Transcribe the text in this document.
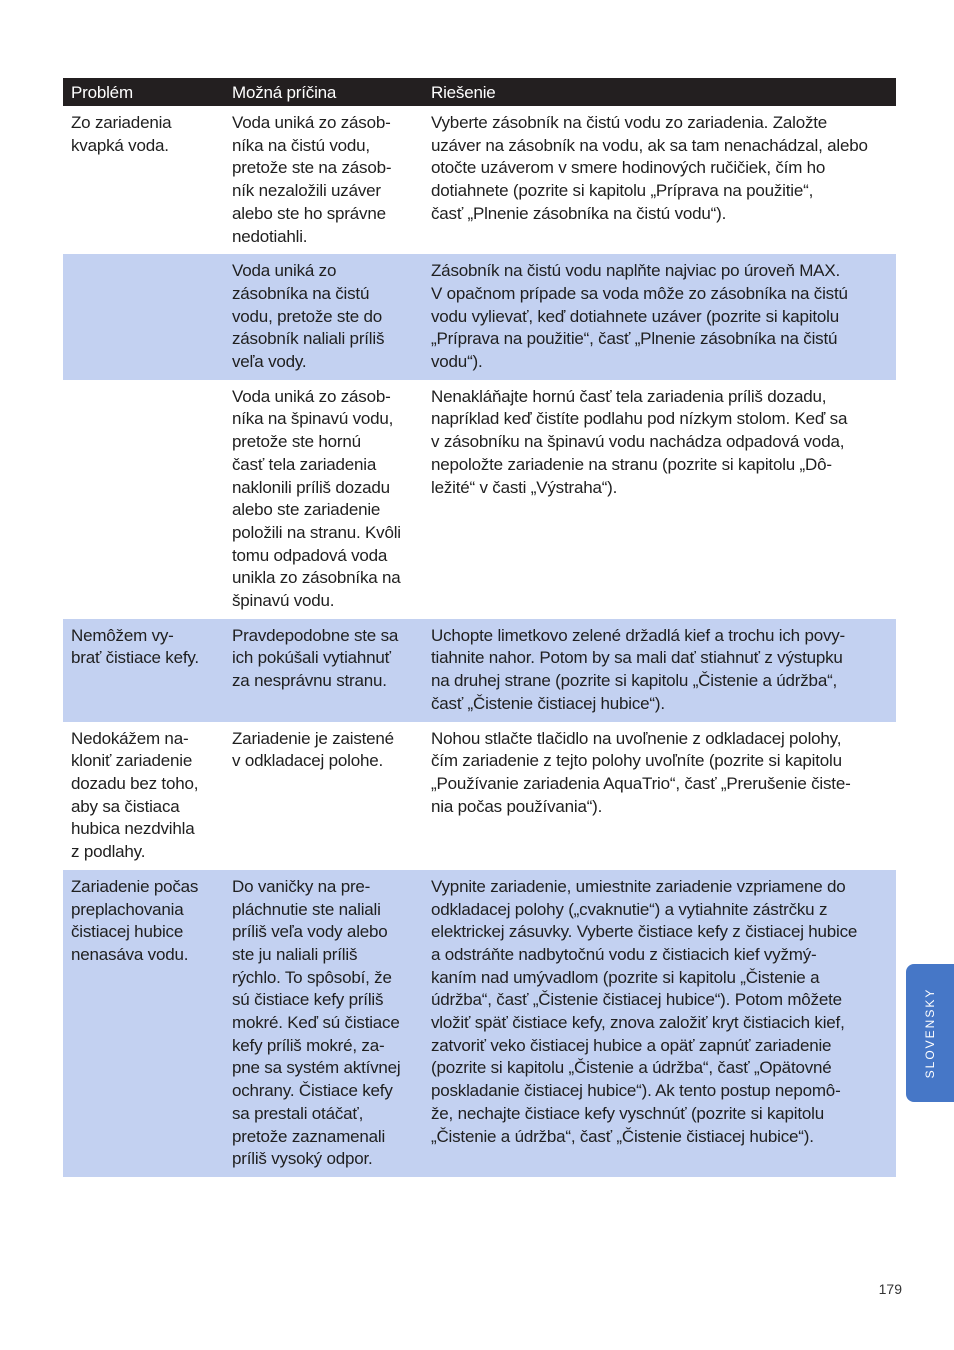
Problém	Možná príčina	Riešenie
Zo zariadenia
kvapká voda.
Voda uniká zo zásob-
níka na čistú vodu,
pretože ste na zásob-
ník nezaložili uzáver
alebo ste ho správne
nedotiahli.
Vyberte zásobník na čistú vodu zo zariadenia. Založte
uzáver na zásobník na vodu, ak sa tam nenachádzal, alebo
otočte uzáverom v smere hodinových ručičiek, čím ho
dotiahnete (pozrite si kapitolu „Príprava na použitie“,
časť „Plnenie zásobníka na čistú vodu“).
Voda uniká zo
zásobníka na čistú
vodu, pretože ste do
zásobník naliali príliš
veľa vody.
Zásobník na čistú vodu naplňte najviac po úroveň MAX.
V opačnom prípade sa voda môže zo zásobníka na čistú
vodu vylievať, keď dotiahnete uzáver (pozrite si kapitolu
„Príprava na použitie“, časť „Plnenie zásobníka na čistú
vodu“).
Voda uniká zo zásob-
níka na špinavú vodu,
pretože ste hornú
časť tela zariadenia
naklonili príliš dozadu
alebo ste zariadenie
položili na stranu. Kvôli
tomu odpadová voda
unikla zo zásobníka na
špinavú vodu.
Nenakláňajte hornú časť tela zariadenia príliš dozadu,
napríklad keď čistíte podlahu pod nízkym stolom. Keď sa
v zásobníku na špinavú vodu nachádza odpadová voda,
nepoložte zariadenie na stranu (pozrite si kapitolu „Dô-
ležité“ v časti „Výstraha“).
Nemôžem vy-
brať čistiace kefy.
Pravdepodobne ste sa
ich pokúšali vytiahnuť
za nesprávnu stranu.
Uchopte limetkovo zelené držadlá kief a trochu ich povy-
tiahnite nahor. Potom by sa mali dať stiahnuť z výstupku
na druhej strane (pozrite si kapitolu „Čistenie a údržba“,
časť „Čistenie čistiacej hubice“).
Nedokážem na-
kloniť zariadenie
dozadu bez toho,
aby sa čistiaca
hubica nezdvihla
z podlahy.
Zariadenie je zaistené
v odkladacej polohe.
Nohou stlačte tlačidlo na uvoľnenie z odkladacej polohy,
čím zariadenie z tejto polohy uvoľníte (pozrite si kapitolu
„Používanie zariadenia AquaTrio“, časť „Prerušenie čiste-
nia počas používania“).
Zariadenie počas
preplachovania
čistiacej hubice
nenasáva vodu.
Do vaničky na pre-
pláchnutie ste naliali
príliš veľa vody alebo
ste ju naliali príliš
rýchlo. To spôsobí, že
sú čistiace kefy príliš
mokré. Keď sú čistiace
kefy príliš mokré, za-
pne sa systém aktívnej
ochrany. Čistiace kefy
sa prestali otáčať,
pretože zaznamenali
príliš vysoký odpor.
Vypnite zariadenie, umiestnite zariadenie vzpriamene do
odkladacej polohy („cvaknutie“) a vytiahnite zástrčku z
elektrickej zásuvky. Vyberte čistiace kefy z čistiacej hubice
a odstráňte nadbytočnú vodu z čistiacich kief vyžmý-
kaním nad umývadlom (pozrite si kapitolu „Čistenie a
údržba“, časť „Čistenie čistiacej hubice“). Potom môžete
vložiť späť čistiace kefy, znova založiť kryt čistiacich kief,
zatvoriť veko čistiacej hubice a opäť zapnúť zariadenie
(pozrite si kapitolu „Čistenie a údržba“, časť „Opätovné
poskladanie čistiacej hubice“). Ak tento postup nepomô-
že, nechajte čistiace kefy vyschnúť (pozrite si kapitolu
„Čistenie a údržba“, časť „Čistenie čistiacej hubice“).
SLOVENSKY
179
